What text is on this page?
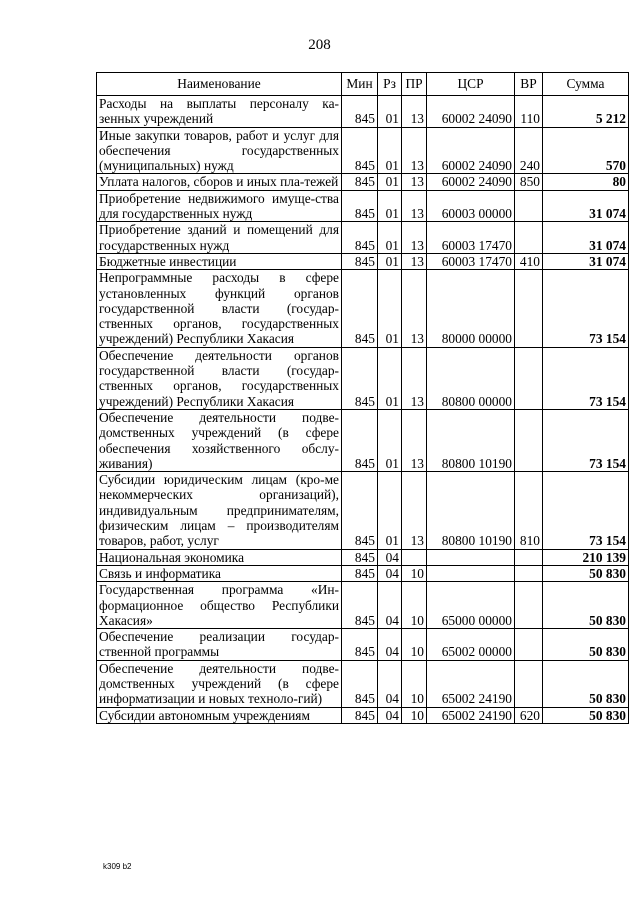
208
Наименование	Мин	Рз	ПР	ЦСР	ВР	Сумма
Расходы на выплаты персоналу ка-зенных учреждений	845	01	13	60002 24090	110	5 212
Иные закупки товаров, работ и услуг для обеспечения государственных (муниципальных) нужд	845	01	13	60002 24090	240	570
Уплата налогов, сборов и иных пла-тежей	845	01	13	60002 24090	850	80
Приобретение недвижимого имуще-ства для государственных нужд	845	01	13	60003 00000		31 074
Приобретение зданий и помещений для государственных нужд	845	01	13	60003 17470		31 074
Бюджетные инвестиции	845	01	13	60003 17470	410	31 074
Непрограммные расходы в сфере установленных функций органов государственной власти (государ-ственных органов, государственных учреждений) Республики Хакасия	845	01	13	80000 00000		73 154
Обеспечение деятельности органов государственной власти (государ-ственных органов, государственных учреждений) Республики Хакасия	845	01	13	80800 00000		73 154
Обеспечение деятельности подве-домственных учреждений (в сфере обеспечения хозяйственного обслу-живания)	845	01	13	80800 10190		73 154
Субсидии юридическим лицам (кро-ме некоммерческих организаций), индивидуальным предпринимателям, физическим лицам – производителям товаров, работ, услуг	845	01	13	80800 10190	810	73 154
Национальная экономика	845	04				210 139
Связь и информатика	845	04	10			50 830
Государственная программа «Ин-формационное общество Республики Хакасия»	845	04	10	65000 00000		50 830
Обеспечение реализации государ-ственной программы	845	04	10	65002 00000		50 830
Обеспечение деятельности подве-домственных учреждений (в сфере информатизации и новых техноло-гий)	845	04	10	65002 24190		50 830
Субсидии автономным учреждениям	845	04	10	65002 24190	620	50 830
k309 b2
